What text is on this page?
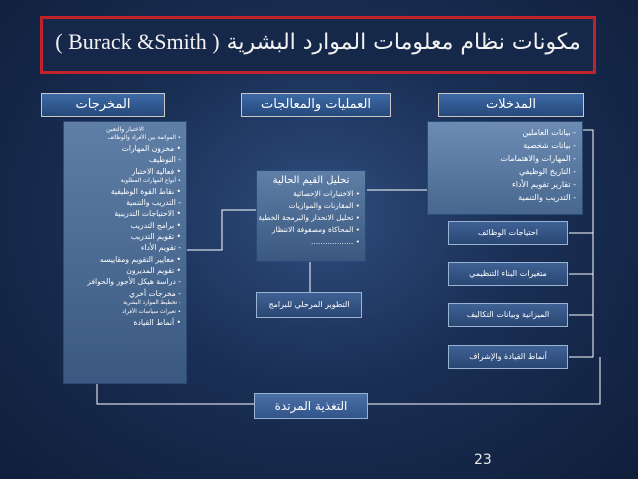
( Burack &Smith ) مكونات نظام معلومات الموارد البشرية
المخرجات	العمليات والمعالجات	المدخلات
الاختيار والتعين
• الموائمة بين الأفراد والوظائف
• مخزون المهارات
- التوظيف
• فعالية الاختبار
• أنواع المهارات المطلوبة
• نقاط القوة الوظيفية
- التدريب والتنمية
• الاحتياجات التدريبية
• برامج التدريب
• تقويم التدريب
- تقويم الأداء
• معايير التقويم ومقاييسه
• تقويم المديرون
- دراسة هيكل الأجور والحوافز
- مخرجات أخري
- تخطيط الموارد البشرية
• تغيرات سياسات الأفراد
• أنماط القيادة
- بيانات العاملين
- بيانات شخصية
- المهارات والاهتمامات
- التاريخ الوظيفي
- تقارير تقويم الأداء
- التدريب والتنمية
تحليل القيم الحالية
• الاختبارات الإحصائية
• المقارنات والموازيات
• تحليل الانحدار والبرمجة الخطية
• المحاكاة ومصفوفة الانتظار
• ..................
احتياجات الوظائف
متغيرات البناء التنظيمي
الميزانية وبيانات التكاليف
أنماط القيادة والإشراف
التطوير المرحلي للبرامج
التغذية المرتدة
23
